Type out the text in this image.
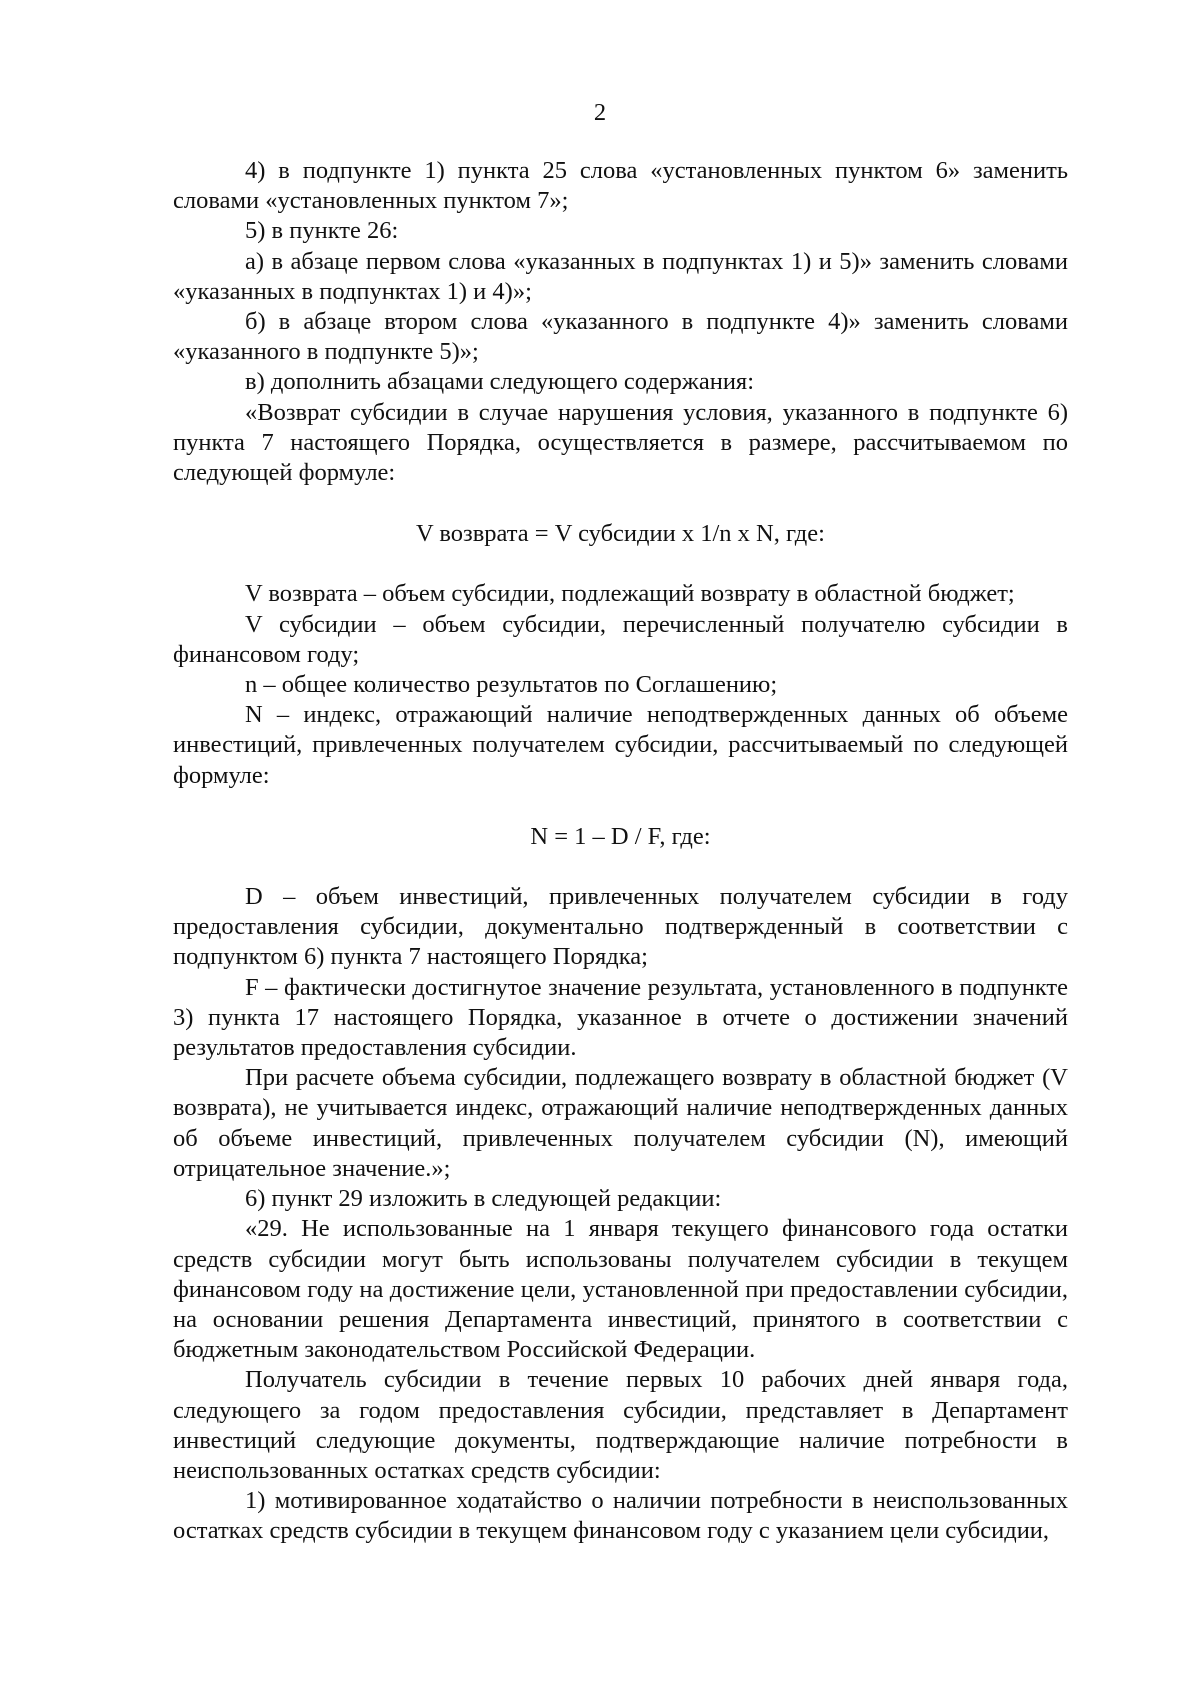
2

4) в подпункте 1) пункта 25 слова «установленных пунктом 6» заменить словами «установленных пунктом 7»;

5) в пункте 26:

а) в абзаце первом слова «указанных в подпунктах 1) и 5)» заменить словами «указанных в подпунктах 1) и 4)»;

б) в абзаце втором слова «указанного в подпункте 4)» заменить словами «указанного в подпункте 5)»;

в) дополнить абзацами следующего содержания:

«Возврат субсидии в случае нарушения условия, указанного в подпункте 6) пункта 7 настоящего Порядка, осуществляется в размере, рассчитываемом по следующей формуле:

V возврата = V субсидии x 1/n x N, где:

V возврата – объем субсидии, подлежащий возврату в областной бюджет;

V субсидии – объем субсидии, перечисленный получателю субсидии в финансовом году;

n – общее количество результатов по Соглашению;

N – индекс, отражающий наличие неподтвержденных данных об объеме инвестиций, привлеченных получателем субсидии, рассчитываемый по следующей формуле:

N = 1 – D / F, где:

D – объем инвестиций, привлеченных получателем субсидии в году предоставления субсидии, документально подтвержденный в соответствии с подпунктом 6) пункта 7 настоящего Порядка;

F – фактически достигнутое значение результата, установленного в подпункте 3) пункта 17 настоящего Порядка, указанное в отчете о достижении значений результатов предоставления субсидии.

При расчете объема субсидии, подлежащего возврату в областной бюджет (V возврата), не учитывается индекс, отражающий наличие неподтвержденных данных об объеме инвестиций, привлеченных получателем субсидии (N), имеющий отрицательное значение.»;

6) пункт 29 изложить в следующей редакции:

«29. Не использованные на 1 января текущего финансового года остатки средств субсидии могут быть использованы получателем субсидии в текущем финансовом году на достижение цели, установленной при предоставлении субсидии, на основании решения Департамента инвестиций, принятого в соответствии с бюджетным законодательством Российской Федерации.

Получатель субсидии в течение первых 10 рабочих дней января года, следующего за годом предоставления субсидии, представляет в Департамент инвестиций следующие документы, подтверждающие наличие потребности в неиспользованных остатках средств субсидии:

1) мотивированное ходатайство о наличии потребности в неиспользованных остатках средств субсидии в текущем финансовом году с указанием цели субсидии,
